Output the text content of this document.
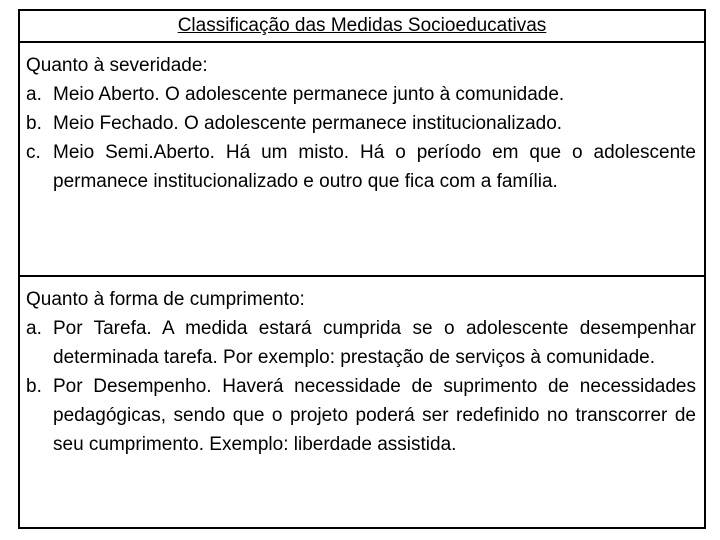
Classificação das Medidas Socioeducativas

Quanto à severidade:

a. Meio Aberto. O adolescente permanece junto à comunidade.
b. Meio Fechado. O adolescente permanece institucionalizado.
c. Meio Semi.Aberto. Há um misto. Há o período em que o adolescente permanece institucionalizado e outro que fica com a família.

Quanto à forma de cumprimento:

a. Por Tarefa. A medida estará cumprida se o adolescente desempenhar determinada tarefa. Por exemplo: prestação de serviços à comunidade.
b. Por Desempenho. Haverá necessidade de suprimento de necessidades pedagógicas, sendo que o projeto poderá ser redefinido no transcorrer de seu cumprimento. Exemplo: liberdade assistida.
